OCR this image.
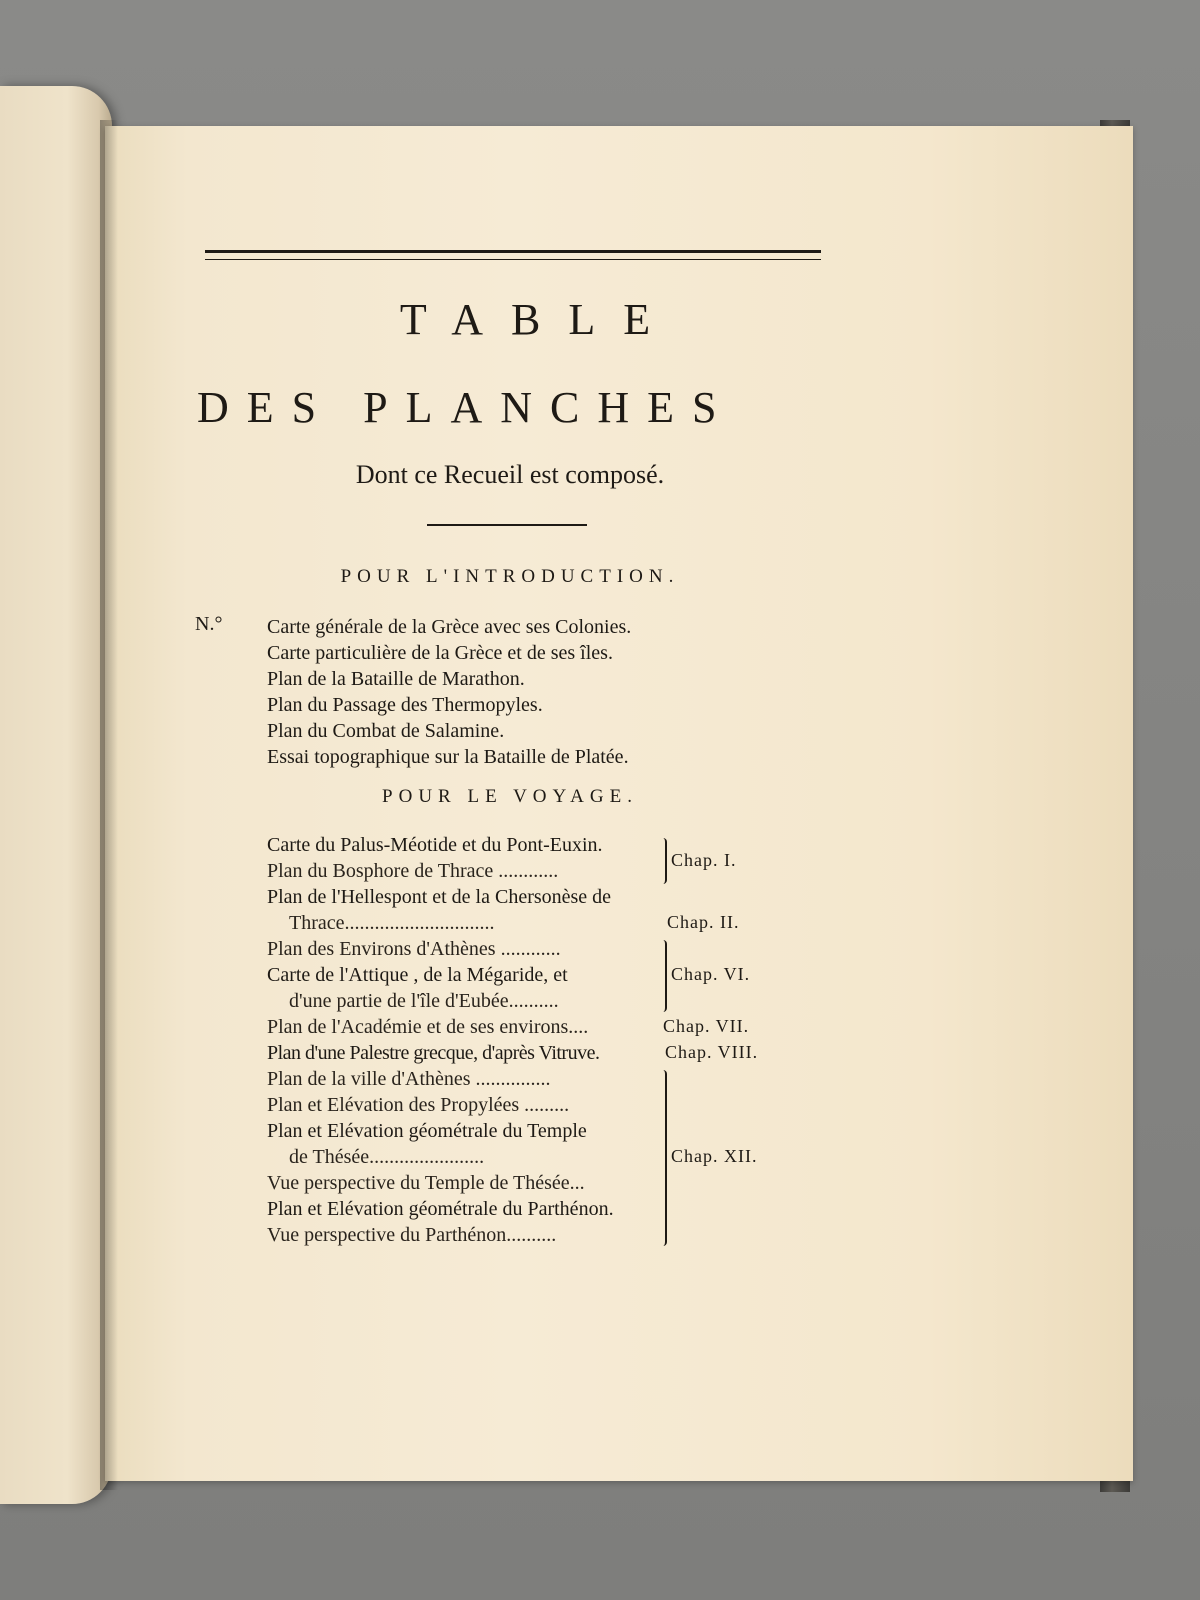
TABLE
DES PLANCHES
Dont ce Recueil est composé.
POUR L'INTRODUCTION.
N.° Carte générale de la Grèce avec ses Colonies.
Carte particulière de la Grèce et de ses îles.
Plan de la Bataille de Marathon.
Plan du Passage des Thermopyles.
Plan du Combat de Salamine.
Essai topographique sur la Bataille de Platée.
POUR LE VOYAGE.
Carte du Palus-Méotide et du Pont-Euxin.
Plan du Bosphore de Thrace ............
Plan de l'Hellespont et de la Chersonèse de
Thrace..............................
Plan des Environs d'Athènes ............
Carte de l'Attique , de la Mégaride, et
d'une partie de l'île d'Eubée..........
Plan de l'Académie et de ses environs....
Plan d'une Palestre grecque, d'après Vitruve.
Plan de la ville d'Athènes ...............
Plan et Elévation des Propylées .........
Plan et Elévation géométrale du Temple
de Thésée.......................
Vue perspective du Temple de Thésée...
Plan et Elévation géométrale du Parthénon.
Vue perspective du Parthénon..........
Chap. I.
Chap. II.
Chap. VI.
Chap. VII.
Chap. VIII.
Chap. XII.
